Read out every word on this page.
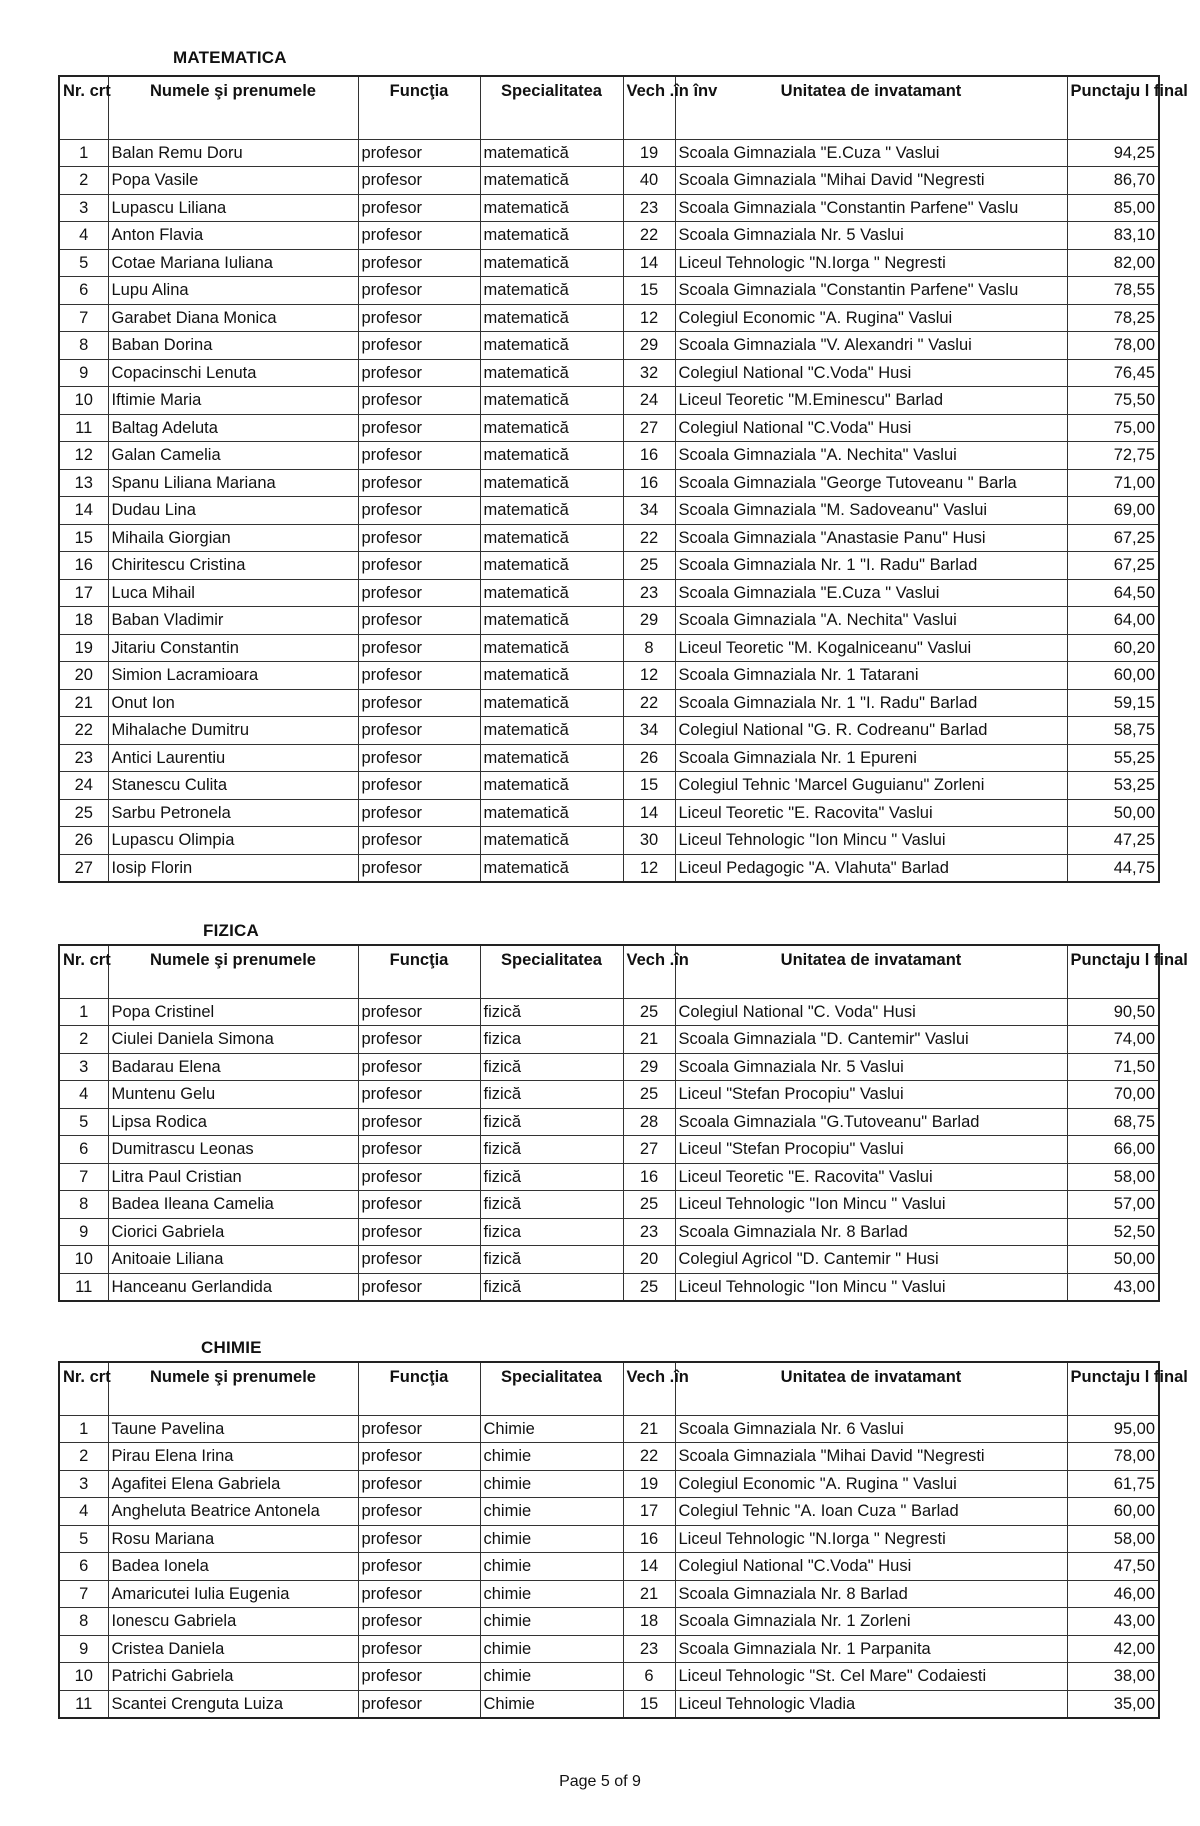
MATEMATICA
Nr. crt	Numele şi prenumele	Funcţia	Specialitatea	Vech .în înv	Unitatea de invatamant	Punctaju l final
1	Balan Remu Doru	profesor	matematică	19	Scoala Gimnaziala "E.Cuza " Vaslui	94,25
2	Popa Vasile	profesor	matematică	40	Scoala Gimnaziala "Mihai David "Negresti	86,70
3	Lupascu Liliana	profesor	matematică	23	Scoala Gimnaziala "Constantin Parfene" Vaslu	85,00
4	Anton Flavia	profesor	matematică	22	Scoala Gimnaziala Nr. 5 Vaslui	83,10
5	Cotae Mariana Iuliana	profesor	matematică	14	Liceul Tehnologic "N.Iorga " Negresti	82,00
6	Lupu Alina	profesor	matematică	15	Scoala Gimnaziala "Constantin Parfene" Vaslu	78,55
7	Garabet Diana Monica	profesor	matematică	12	Colegiul Economic "A. Rugina" Vaslui	78,25
8	Baban Dorina	profesor	matematică	29	Scoala Gimnaziala "V. Alexandri " Vaslui	78,00
9	Copacinschi Lenuta	profesor	matematică	32	Colegiul National "C.Voda" Husi	76,45
10	Iftimie Maria	profesor	matematică	24	Liceul Teoretic "M.Eminescu" Barlad	75,50
11	Baltag Adeluta	profesor	matematică	27	Colegiul National "C.Voda" Husi	75,00
12	Galan Camelia	profesor	matematică	16	Scoala Gimnaziala "A. Nechita" Vaslui	72,75
13	Spanu Liliana Mariana	profesor	matematică	16	Scoala Gimnaziala "George Tutoveanu " Barla	71,00
14	Dudau Lina	profesor	matematică	34	Scoala Gimnaziala "M. Sadoveanu" Vaslui	69,00
15	Mihaila Giorgian	profesor	matematică	22	Scoala Gimnaziala "Anastasie Panu" Husi	67,25
16	Chiritescu Cristina	profesor	matematică	25	Scoala Gimnaziala Nr. 1 "I. Radu" Barlad	67,25
17	Luca Mihail	profesor	matematică	23	Scoala Gimnaziala "E.Cuza " Vaslui	64,50
18	Baban Vladimir	profesor	matematică	29	Scoala Gimnaziala "A. Nechita" Vaslui	64,00
19	Jitariu Constantin	profesor	matematică	8	Liceul Teoretic "M. Kogalniceanu" Vaslui	60,20
20	Simion Lacramioara	profesor	matematică	12	Scoala Gimnaziala Nr. 1 Tatarani	60,00
21	Onut Ion	profesor	matematică	22	Scoala Gimnaziala Nr. 1 "I. Radu" Barlad	59,15
22	Mihalache Dumitru	profesor	matematică	34	Colegiul National "G. R. Codreanu" Barlad	58,75
23	Antici Laurentiu	profesor	matematică	26	Scoala Gimnaziala Nr. 1 Epureni	55,25
24	Stanescu Culita	profesor	matematică	15	Colegiul Tehnic 'Marcel Guguianu" Zorleni	53,25
25	Sarbu Petronela	profesor	matematică	14	Liceul Teoretic "E. Racovita" Vaslui	50,00
26	Lupascu Olimpia	profesor	matematică	30	Liceul Tehnologic "Ion Mincu " Vaslui	47,25
27	Iosip Florin	profesor	matematică	12	Liceul Pedagogic "A. Vlahuta" Barlad	44,75
FIZICA
Nr. crt	Numele şi prenumele	Funcţia	Specialitatea	Vech .în	Unitatea de invatamant	Punctaju l final
1	Popa Cristinel	profesor	fizică	25	Colegiul National "C. Voda" Husi	90,50
2	Ciulei Daniela Simona	profesor	fizica	21	Scoala Gimnaziala "D. Cantemir" Vaslui	74,00
3	Badarau Elena	profesor	fizică	29	Scoala Gimnaziala Nr. 5 Vaslui	71,50
4	Muntenu Gelu	profesor	fizică	25	Liceul "Stefan Procopiu" Vaslui	70,00
5	Lipsa Rodica	profesor	fizică	28	Scoala Gimnaziala "G.Tutoveanu" Barlad	68,75
6	Dumitrascu Leonas	profesor	fizică	27	Liceul "Stefan Procopiu" Vaslui	66,00
7	Litra Paul Cristian	profesor	fizică	16	Liceul Teoretic "E. Racovita" Vaslui	58,00
8	Badea Ileana Camelia	profesor	fizică	25	Liceul Tehnologic "Ion Mincu " Vaslui	57,00
9	Ciorici Gabriela	profesor	fizica	23	Scoala Gimnaziala Nr. 8 Barlad	52,50
10	Anitoaie Liliana	profesor	fizică	20	Colegiul Agricol "D. Cantemir " Husi	50,00
11	Hanceanu Gerlandida	profesor	fizică	25	Liceul Tehnologic "Ion Mincu " Vaslui	43,00
CHIMIE
Nr. crt	Numele şi prenumele	Funcţia	Specialitatea	Vech .în	Unitatea de invatamant	Punctaju l final
1	Taune Pavelina	profesor	Chimie	21	Scoala Gimnaziala Nr. 6 Vaslui	95,00
2	Pirau Elena Irina	profesor	chimie	22	Scoala Gimnaziala "Mihai David "Negresti	78,00
3	Agafitei Elena Gabriela	profesor	chimie	19	Colegiul Economic "A. Rugina " Vaslui	61,75
4	Angheluta Beatrice Antonela	profesor	chimie	17	Colegiul Tehnic "A. Ioan Cuza " Barlad	60,00
5	Rosu Mariana	profesor	chimie	16	Liceul Tehnologic "N.Iorga " Negresti	58,00
6	Badea Ionela	profesor	chimie	14	Colegiul National "C.Voda" Husi	47,50
7	Amaricutei Iulia Eugenia	profesor	chimie	21	Scoala Gimnaziala Nr. 8 Barlad	46,00
8	Ionescu Gabriela	profesor	chimie	18	Scoala Gimnaziala Nr. 1 Zorleni	43,00
9	Cristea Daniela	profesor	chimie	23	Scoala Gimnaziala Nr. 1 Parpanita	42,00
10	Patrichi Gabriela	profesor	chimie	6	Liceul Tehnologic "St. Cel Mare" Codaiesti	38,00
11	Scantei Crenguta Luiza	profesor	Chimie	15	Liceul Tehnologic Vladia	35,00
Page 5 of 9
